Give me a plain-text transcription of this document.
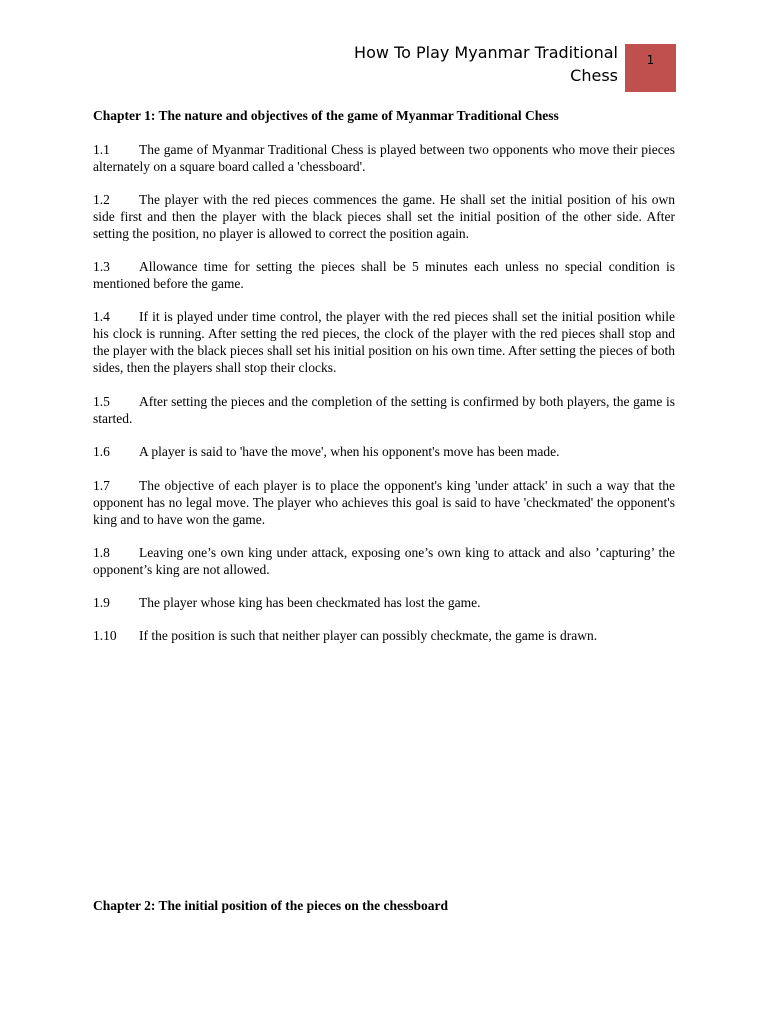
How To Play Myanmar Traditional
Chess
1

Chapter 1: The nature and objectives of the game of Myanmar Traditional Chess

1.1 The game of Myanmar Traditional Chess is played between two opponents who move their pieces alternately on a square board called a 'chessboard'.

1.2 The player with the red pieces commences the game. He shall set the initial position of his own side first and then the player with the black pieces shall set the initial position of the other side. After setting the position, no player is allowed to correct the position again.

1.3 Allowance time for setting the pieces shall be 5 minutes each unless no special condition is mentioned before the game.

1.4 If it is played under time control, the player with the red pieces shall set the initial position while his clock is running. After setting the red pieces, the clock of the player with the red pieces shall stop and the player with the black pieces shall set his initial position on his own time. After setting the pieces of both sides, then the players shall stop their clocks.

1.5 After setting the pieces and the completion of the setting is confirmed by both players, the game is started.

1.6 A player is said to 'have the move', when his opponent's move has been made.

1.7 The objective of each player is to place the opponent's king 'under attack' in such a way that the opponent has no legal move. The player who achieves this goal is said to have 'checkmated' the opponent's king and to have won the game.

1.8 Leaving one’s own king under attack, exposing one’s own king to attack and also ’capturing’ the opponent’s king are not allowed.

1.9 The player whose king has been checkmated has lost the game.

1.10 If the position is such that neither player can possibly checkmate, the game is drawn.

Chapter 2: The initial position of the pieces on the chessboard
